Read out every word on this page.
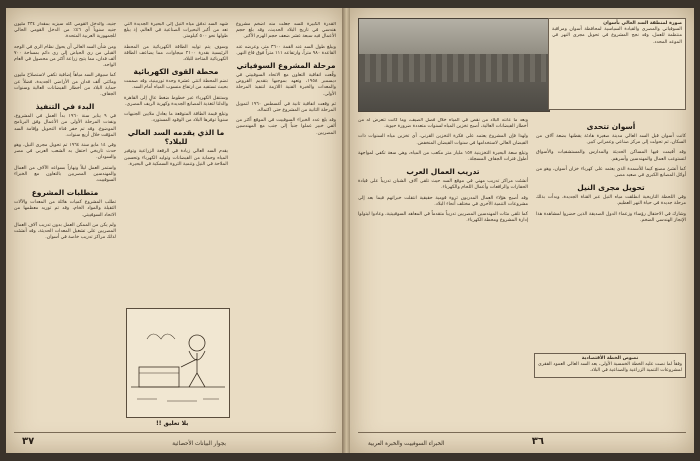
القدرة الكبيرة للسد جعلت منه أضخم مشروع هندسي في تاريخ البلاد الحديث، وقد بلغ حجم الأعمال فيه سبعة عشر ضعف حجم الهرم الأكبر.

ويبلغ طول السد عند القمة ٣٦٠٠ متر، وعرضه عند القاعدة ٩٨٠ متراً، وارتفاعه ١١١ متراً فوق قاع النهر.

مرحلة المشروع السوفياتي

وقّعت اتفاقية التعاون مع الاتحاد السوفييتي في ديسمبر ١٩٥٨، وتعهد بموجبها بتقديم القروض والمعدات والخبرة الفنية اللازمة لتنفيذ المرحلة الأولى.

ثم وقعت اتفاقية ثانية في أغسطس ١٩٦٠ لتمويل المرحلة الثانية من المشروع حتى اكتماله.

وقد بلغ عدد الخبراء السوفييت في الموقع أكثر من ألفي خبير عملوا جنباً إلى جنب مع المهندسين المصريين.

شهد السد تدفق مياه النيل إلى البحيرة الجديدة التي تعد من أكبر البحيرات الصناعية في العالم، إذ يبلغ طولها نحو ٥٠٠ كيلومتر.

وسوف يتم توليد الطاقة الكهربائية من المحطة الرئيسية بقدرة ٢١٠٠ ميجاوات، مما يضاعف الطاقة الكهربائية المتاحة للبلاد.

محطة القوى الكهربائية

تضم المحطة اثنتي عشرة وحدة توربينية، وقد صممت بحيث تستفيد من ارتفاع منسوب المياه أمام السد.

وستنقل الكهرباء عبر خطوط ضغط عالٍ إلى القاهرة والدلتا لتغذية المصانع الجديدة وكهربة الريف المصري.

وتبلغ قيمة الطاقة المتوقعة ما يعادل ملايين الجنيهات سنوياً توفرها البلاد من الوقود المستورد.

ما الذي يقدمه السد العالي للبلاد؟

يقدم السد العالي زيادة في الرقعة الزراعية وتوفير المياه وحماية من الفيضانات وتوليد الكهرباء وتحسين الملاحة في النيل وتنمية الثروة السمكية في البحيرة.

جنيه، والدخل القومي كله سيزيد بمقدار ٢٣٤ مليون جنيه سنوياً أي ٤٦٪ من الدخل القومي الحالي للجمهورية العربية المتحدة.

ومن شأن السد العالي أن يحول نظام الري في الوجه القبلي من ري الحياض إلى ري دائم بمساحة ٧٠٠ ألف فدان، مما يتيح زراعة أكثر من محصول في العام الواحد.

كما سيوفر السد مياهاً إضافية تكفي لاستصلاح مليون ومائتي ألف فدان من الأراضي الجديدة، فضلاً عن حماية البلاد من أخطار الفيضانات العالية وسنوات الجفاف.

البدء في التنفيذ

في ٩ يناير سنة ١٩٦٠ بدأ العمل في المشروع، ونفذت المرحلة الأولى من الأعمال وفق البرنامج الموضوع. وقد تم حفر قناة التحويل وإقامة السد المؤقت خلال أربع سنوات.

وفي ١٤ مايو سنة ١٩٦٤ تم تحويل مجرى النيل، وهو حدث تاريخي احتفل به الشعب العربي في مصر والسودان.

واستمر العمل ليلاً ونهاراً بسواعد الآلاف من العمال والمهندسين المصريين بالتعاون مع الخبراء السوفييت.

متطلبات المشروع

تطلب المشروع كميات هائلة من المعدات والآلات الثقيلة والمواد الخام، وقد تم توريد معظمها من الاتحاد السوفييتي.

ولم يكن من الممكن العمل بدون تدريب آلاف العمال المصريين على تشغيل المعدات الحديثة، وقد أنشئت لذلك مراكز تدريب خاصة في أسوان.

بلا تعليق !!
بجوار البيانات الأحصائية
٣٧

صورة لمنطقة السد العالي بأسوان

السوفياتي والمصري والقيادة السياسية لمحافظة أسوان ومراقبة منتظمة للعمل، وقد نجح المشروع في تحويل مجرى النهر في الموعد المحدد.

أسوان تتحدى

كانت أسوان قبل السد العالي مدينة صغيرة هادئة يقطنها بضعة آلاف من السكان، ثم تحولت إلى مركز صناعي وعمراني كبير.

وقد أقيمت فيها المساكن الحديثة والمدارس والمستشفيات والأسواق لتستوعب العمال والمهندسين وأسرهم.

كما أنشئ مصنع كيما للأسمدة الذي يعتمد على كهرباء خزان أسوان، وهو من أوائل المصانع الكبرى في صعيد مصر.

تحويل مجرى النيل

وفي اللحظة التاريخية انطلقت مياه النيل عبر القناة الجديدة، وبدأت بذلك مرحلة جديدة في حياة النهر العظيم.

وشارك في الاحتفال رؤساء وزعماء الدول الصديقة الذين حضروا لمشاهدة هذا الإنجاز الهندسي الضخم.

نصوص الخطة الأقتصادية

وفقاً لما نصت عليه الخطة الخمسية الأولى، يعد السد العالي العمود الفقري لمشروعات التنمية الزراعية والصناعية في البلاد.

وبعد ما عانته البلاد من نقص في المياه خلال فصل الصيف، وما كانت تتعرض له من أخطار الفيضانات العالية، أصبح تخزين المياه لسنوات متعددة ضرورة حيوية.

ولهذا فإن المشروع يعتمد على فكرة التخزين القرني، أي تخزين مياه السنوات ذات الفيضان العالي لاستخدامها في سنوات الفيضان المنخفض.

وتبلغ سعة البحيرة التخزينية ١٥٧ مليار متر مكعب من المياه، وهي سعة تكفي لمواجهة أطول فترات الجفاف المسجلة.

تدريب العمال العرب

أنشئت مراكز تدريب مهني في موقع السد حيث تلقى آلاف الشبان تدريباً على قيادة الحفارات والرافعات وأعمال اللحام والكهرباء.

وقد أصبح هؤلاء العمال المدربون ثروة قومية حقيقية انتقلت خبراتهم فيما بعد إلى مشروعات التنمية الأخرى في مختلف أنحاء البلاد.

كما تلقى مئات المهندسين المصريين تدريباً متقدماً في المعاهد السوفييتية، وعادوا ليتولوا إدارة المشروع ومحطة الكهرباء.

الخبراء السوفييت والخبرة العربية	٣٦
